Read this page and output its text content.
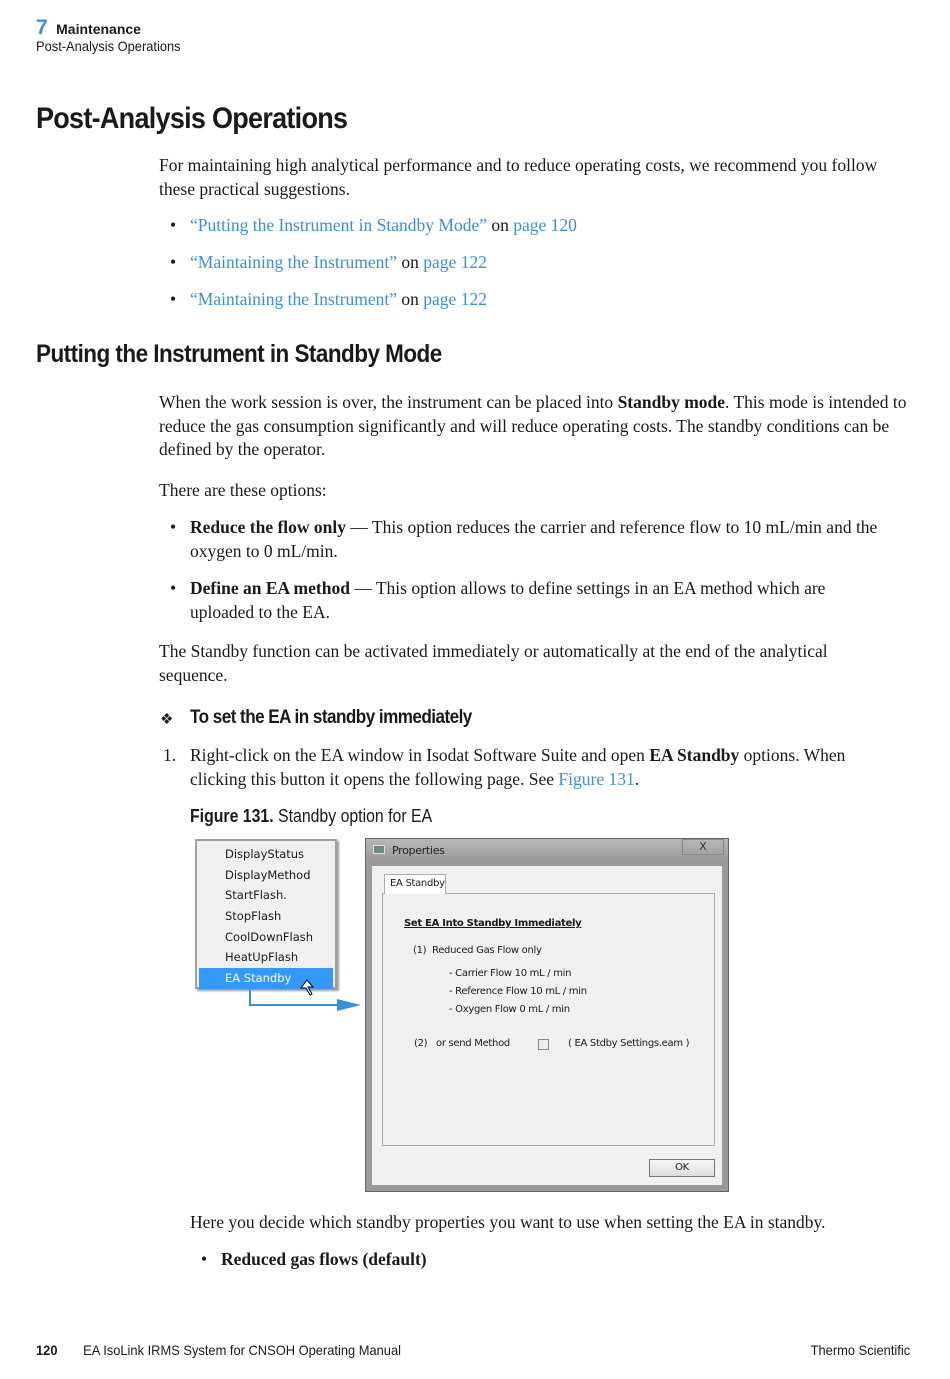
7 Maintenance
Post-Analysis Operations
Post-Analysis Operations
For maintaining high analytical performance and to reduce operating costs, we recommend you follow these practical suggestions.
• “Putting the Instrument in Standby Mode” on page 120
• “Maintaining the Instrument” on page 122
• “Maintaining the Instrument” on page 122
Putting the Instrument in Standby Mode
When the work session is over, the instrument can be placed into Standby mode. This mode is intended to reduce the gas consumption significantly and will reduce operating costs. The standby conditions can be defined by the operator.
There are these options:
• Reduce the flow only — This option reduces the carrier and reference flow to 10 mL/min and the oxygen to 0 mL/min.
• Define an EA method — This option allows to define settings in an EA method which are uploaded to the EA.
The Standby function can be activated immediately or automatically at the end of the analytical sequence.
❖ To set the EA in standby immediately
1. Right-click on the EA window in Isodat Software Suite and open EA Standby options. When clicking this button it opens the following page. See Figure 131.
Figure 131. Standby option for EA
DisplayStatus
DisplayMethod
StartFlash.
StopFlash
CoolDownFlash
HeatUpFlash
EA Standby
Properties	X
EA Standby
Set EA Into Standby Immediately
(1) Reduced Gas Flow only
- Carrier Flow 10 mL / min
- Reference Flow 10 mL / min
- Oxygen Flow 0 mL / min
(2) or send Method	( EA Stdby Settings.eam )
OK
Here you decide which standby properties you want to use when setting the EA in standby.
• Reduced gas flows (default)
120 EA IsoLink IRMS System for CNSOH Operating Manual	Thermo Scientific
